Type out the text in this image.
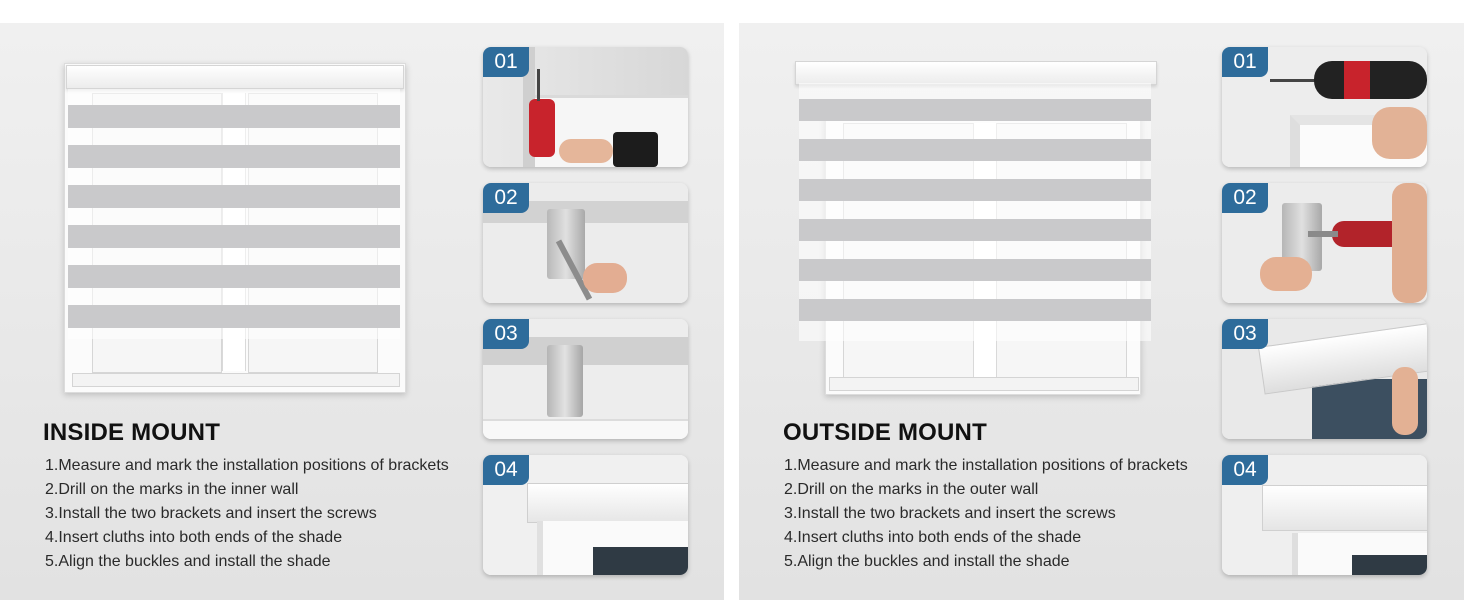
01
02
03
04
INSIDE MOUNT
1.Measure and mark the installation positions of brackets
2.Drill on the marks in the inner wall
3.Install the two brackets and insert the screws
4.Insert cluths into both ends of the shade
5.Align the buckles and install the shade
01
02
03
04
OUTSIDE MOUNT
1.Measure and mark the installation positions of brackets
2.Drill on the marks in the outer wall
3.Install the two brackets and insert the screws
4.Insert cluths into both ends of the shade
5.Align the buckles and install the shade
